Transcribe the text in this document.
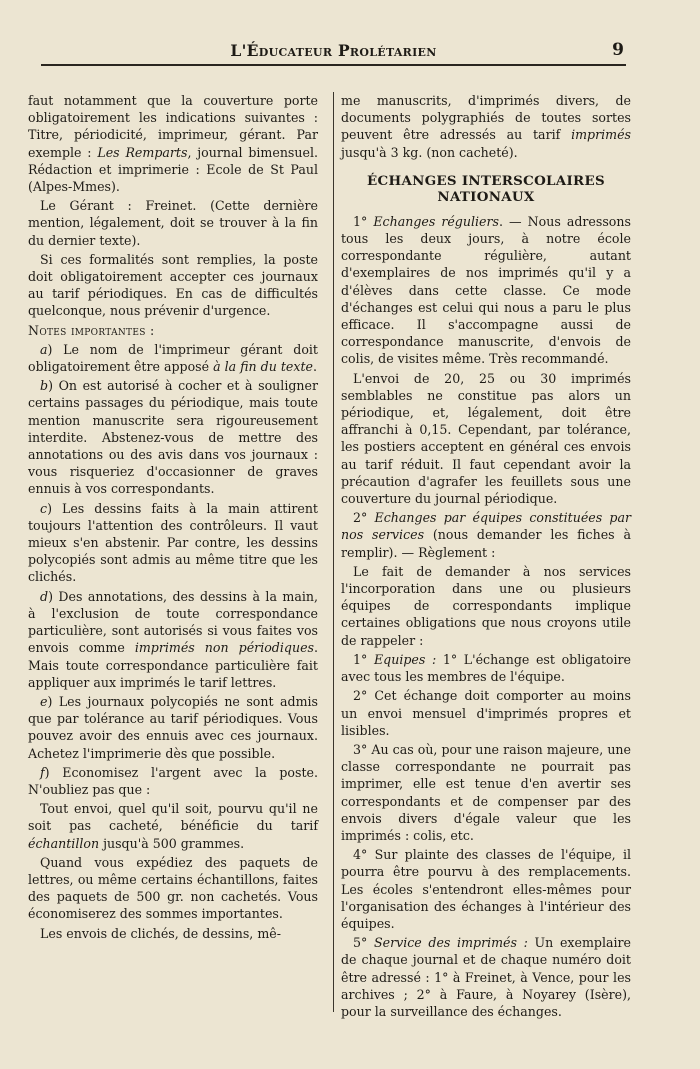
L'Éducateur Prolétarien	9

faut notamment que la couverture porte obligatoirement les indications suivantes : Titre, périodicité, imprimeur, gérant. Par exemple : Les Remparts, journal bimensuel. Rédaction et imprimerie : Ecole de St Paul (Alpes-Mmes).

Le Gérant : Freinet. (Cette dernière mention, légalement, doit se trouver à la fin du dernier texte).

Si ces formalités sont remplies, la poste doit obligatoirement accepter ces journaux au tarif périodiques. En cas de difficultés quelconque, nous prévenir d'urgence.

Notes importantes :

a) Le nom de l'imprimeur gérant doit obligatoirement être apposé à la fin du texte.

b) On est autorisé à cocher et à souligner certains passages du périodique, mais toute mention manuscrite sera rigoureusement interdite. Abstenez-vous de mettre des annotations ou des avis dans vos journaux : vous risqueriez d'occasionner de graves ennuis à vos correspondants.

c) Les dessins faits à la main attirent toujours l'attention des contrôleurs. Il vaut mieux s'en abstenir. Par contre, les dessins polycopiés sont admis au même titre que les clichés.

d) Des annotations, des dessins à la main, à l'exclusion de toute correspondance particulière, sont autorisés si vous faites vos envois comme imprimés non périodiques. Mais toute correspondance particulière fait appliquer aux imprimés le tarif lettres.

e) Les journaux polycopiés ne sont admis que par tolérance au tarif périodiques. Vous pouvez avoir des ennuis avec ces journaux. Achetez l'imprimerie dès que possible.

f) Economisez l'argent avec la poste. N'oubliez pas que :

Tout envoi, quel qu'il soit, pourvu qu'il ne soit pas cacheté, bénéficie du tarif échantillon jusqu'à 500 grammes.

Quand vous expédiez des paquets de lettres, ou même certains échantillons, faites des paquets de 500 gr. non cachetés. Vous économiserez des sommes importantes.

Les envois de clichés, de dessins, mê-

me manuscrits, d'imprimés divers, de documents polygraphiés de toutes sortes peuvent être adressés au tarif imprimés jusqu'à 3 kg. (non cacheté).

ÉCHANGES INTERSCOLAIRES NATIONAUX

1° Echanges réguliers. — Nous adressons tous les deux jours, à notre école correspondante régulière, autant d'exemplaires de nos imprimés qu'il y a d'élèves dans cette classe. Ce mode d'échanges est celui qui nous a paru le plus efficace. Il s'accompagne aussi de correspondance manuscrite, d'envois de colis, de visites même. Très recommandé.

L'envoi de 20, 25 ou 30 imprimés semblables ne constitue pas alors un périodique, et, légalement, doit être affranchi à 0,15. Cependant, par tolérance, les postiers acceptent en général ces envois au tarif réduit. Il faut cependant avoir la précaution d'agrafer les feuillets sous une couverture du journal périodique.

2° Echanges par équipes constituées par nos services (nous demander les fiches à remplir). — Règlement :

Le fait de demander à nos services l'incorporation dans une ou plusieurs équipes de correspondants implique certaines obligations que nous croyons utile de rappeler :

1° Equipes : 1° L'échange est obligatoire avec tous les membres de l'équipe.

2° Cet échange doit comporter au moins un envoi mensuel d'imprimés propres et lisibles.

3° Au cas où, pour une raison majeure, une classe correspondante ne pourrait pas imprimer, elle est tenue d'en avertir ses correspondants et de compenser par des envois divers d'égale valeur que les imprimés : colis, etc.

4° Sur plainte des classes de l'équipe, il pourra être pourvu à des remplacements. Les écoles s'entendront elles-mêmes pour l'organisation des échanges à l'intérieur des équipes.

5° Service des imprimés : Un exemplaire de chaque journal et de chaque numéro doit être adressé : 1° à Freinet, à Vence, pour les archives ; 2° à Faure, à Noyarey (Isère), pour la surveillance des échanges.
